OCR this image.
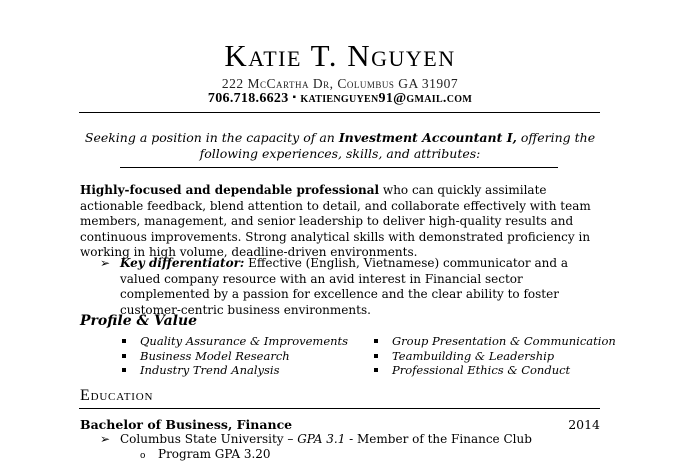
Katie T. Nguyen
222 McCartha Dr, Columbus GA 31907
706.718.6623 ▪ katienguyen91@gmail.com
Seeking a position in the capacity of an Investment Accountant I, offering the following experiences, skills, and attributes:
Highly-focused and dependable professional who can quickly assimilate actionable feedback, blend attention to detail, and collaborate effectively with team members, management, and senior leadership to deliver high-quality results and continuous improvements. Strong analytical skills with demonstrated proficiency in working in high volume, deadline-driven environments.
➢ Key differentiator: Effective (English, Vietnamese) communicator and a valued company resource with an avid interest in Financial sector complemented by a passion for excellence and the clear ability to foster customer-centric business environments.
Profile & Value
Quality Assurance & Improvements
Business Model Research
Industry Trend Analysis
Group Presentation & Communication
Teambuilding & Leadership
Professional Ethics & Conduct
Education
Bachelor of Business, Finance	2014
➢ Columbus State University – GPA 3.1 - Member of the Finance Club
o Program GPA 3.20
